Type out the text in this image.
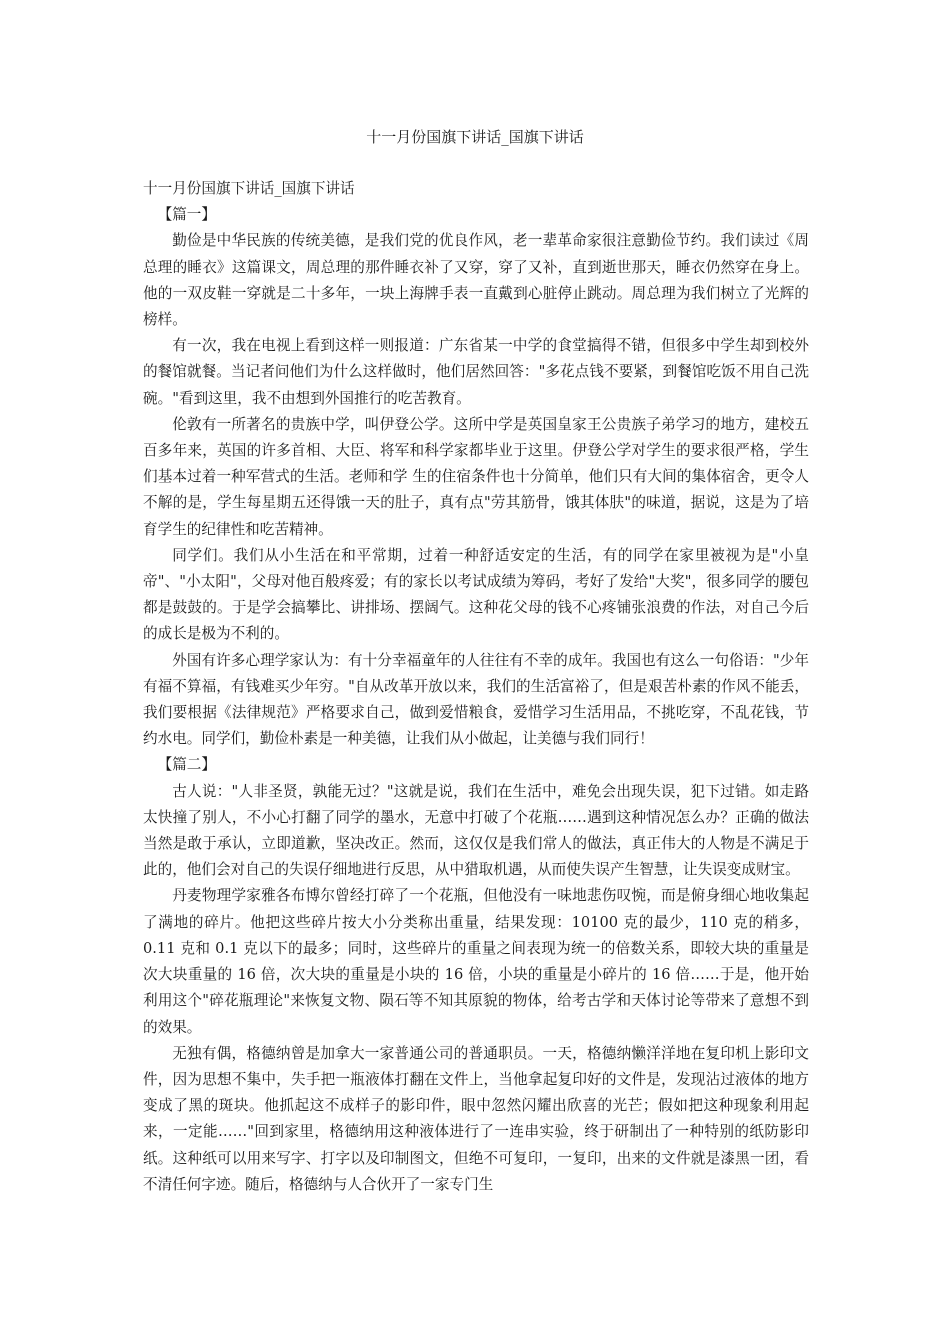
十一月份国旗下讲话_国旗下讲话

十一月份国旗下讲话_国旗下讲话

【篇一】

勤俭是中华民族的传统美德，是我们党的优良作风，老一辈革命家很注意勤俭节约。我们读过《周总理的睡衣》这篇课文，周总理的那件睡衣补了又穿，穿了又补，直到逝世那天，睡衣仍然穿在身上。他的一双皮鞋一穿就是二十多年，一块上海牌手表一直戴到心脏停止跳动。周总理为我们树立了光辉的榜样。

有一次，我在电视上看到这样一则报道：广东省某一中学的食堂搞得不错，但很多中学生却到校外的餐馆就餐。当记者问他们为什么这样做时，他们居然回答："多花点钱不要紧，到餐馆吃饭不用自己洗碗。"看到这里，我不由想到外国推行的吃苦教育。

伦敦有一所著名的贵族中学，叫伊登公学。这所中学是英国皇家王公贵族子弟学习的地方，建校五百多年来，英国的许多首相、大臣、将军和科学家都毕业于这里。伊登公学对学生的要求很严格，学生们基本过着一种军营式的生活。老师和学 生的住宿条件也十分简单，他们只有大间的集体宿舍，更令人不解的是，学生每星期五还得饿一天的肚子，真有点"劳其筋骨，饿其体肤"的味道，据说，这是为了培育学生的纪律性和吃苦精神。

同学们。我们从小生活在和平常期，过着一种舒适安定的生活，有的同学在家里被视为是"小皇帝"、"小太阳"，父母对他百般疼爱；有的家长以考试成绩为筹码，考好了发给"大奖"，很多同学的腰包都是鼓鼓的。于是学会搞攀比、讲排场、摆阔气。这种花父母的钱不心疼铺张浪费的作法，对自己今后的成长是极为不利的。

外国有许多心理学家认为：有十分幸福童年的人往往有不幸的成年。我国也有这么一句俗语："少年有福不算福，有钱难买少年穷。"自从改革开放以来，我们的生活富裕了，但是艰苦朴素的作风不能丢，我们要根据《法律规范》严格要求自己，做到爱惜粮食，爱惜学习生活用品，不挑吃穿，不乱花钱，节约水电。同学们，勤俭朴素是一种美德，让我们从小做起，让美德与我们同行！

【篇二】

古人说："人非圣贤，孰能无过？"这就是说，我们在生活中，难免会出现失误，犯下过错。如走路太快撞了别人，不小心打翻了同学的墨水，无意中打破了个花瓶……遇到这种情况怎么办？正确的做法当然是敢于承认，立即道歉，坚决改正。然而，这仅仅是我们常人的做法，真正伟大的人物是不满足于此的，他们会对自己的失误仔细地进行反思，从中猎取机遇，从而使失误产生智慧，让失误变成财宝。

丹麦物理学家雅各布博尔曾经打碎了一个花瓶，但他没有一味地悲伤叹惋，而是俯身细心地收集起了满地的碎片。他把这些碎片按大小分类称出重量，结果发现：10100 克的最少，110 克的稍多，0.11 克和 0.1 克以下的最多；同时，这些碎片的重量之间表现为统一的倍数关系，即较大块的重量是次大块重量的 16 倍，次大块的重量是小块的 16 倍，小块的重量是小碎片的 16 倍……于是，他开始利用这个"碎花瓶理论"来恢复文物、陨石等不知其原貌的物体，给考古学和天体讨论等带来了意想不到的效果。

无独有偶，格德纳曾是加拿大一家普通公司的普通职员。一天，格德纳懒洋洋地在复印机上影印文件，因为思想不集中，失手把一瓶液体打翻在文件上，当他拿起复印好的文件是，发现沾过液体的地方变成了黑的斑块。他抓起这不成样子的影印件，眼中忽然闪耀出欣喜的光芒；假如把这种现象利用起来，一定能……"回到家里，格德纳用这种液体进行了一连串实验，终于研制出了一种特别的纸防影印纸。这种纸可以用来写字、打字以及印制图文，但绝不可复印，一复印，出来的文件就是漆黑一团，看不清任何字迹。随后，格德纳与人合伙开了一家专门生
